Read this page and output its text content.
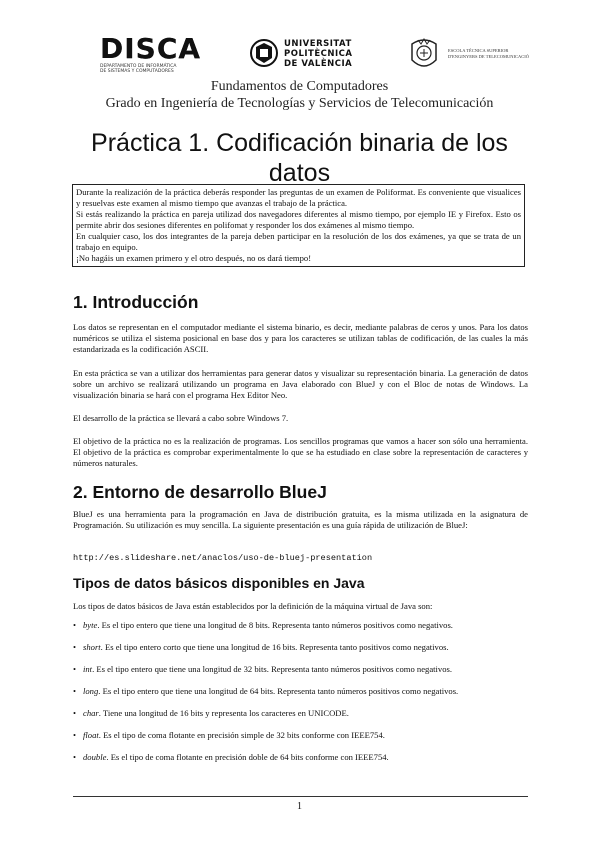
DISCA
DEPARTAMENTO DE INFORMÁTICA DE SISTEMAS Y COMPUTADORES
UNIVERSITAT
POLITÈCNICA
DE VALÈNCIA
ESCOLA TÈCNICA SUPERIOR
D'ENGINYERS DE TELECOMUNICACIÓ
Fundamentos de Computadores
Grado en Ingeniería de Tecnologías y Servicios de Telecomunicación
Práctica 1. Codificación binaria de los datos

Durante la realización de la práctica deberás responder las preguntas de un examen de Poliformat. Es conveniente que visualices y resuelvas este examen al mismo tiempo que avanzas el trabajo de la práctica.

Si estás realizando la práctica en pareja utilizad dos navegadores diferentes al mismo tiempo, por ejemplo IE y Firefox. Esto os permite abrir dos sesiones diferentes en polifomat y responder los dos exámenes al mismo tiempo.

En cualquier caso, los dos integrantes de la pareja deben participar en la resolución de los dos exámenes, ya que se trata de un trabajo en equipo.

¡No hagáis un examen primero y el otro después, no os dará tiempo!

1. Introducción

Los datos se representan en el computador mediante el sistema binario, es decir, mediante palabras de ceros y unos. Para los datos numéricos se utiliza el sistema posicional en base dos y para los caracteres se utilizan tablas de codificación, de las cuales la más estandarizada es la codificación ASCII.

En esta práctica se van a utilizar dos herramientas para generar datos y visualizar su representación binaria. La generación de datos sobre un archivo se realizará utilizando un programa en Java elaborado con BlueJ y con el Bloc de notas de Windows. La visualización binaria se hará con el programa Hex Editor Neo.

El desarrollo de la práctica se llevará a cabo sobre Windows 7.

El objetivo de la práctica no es la realización de programas. Los sencillos programas que vamos a hacer son sólo una herramienta. El objetivo de la práctica es comprobar experimentalmente lo que se ha estudiado en clase sobre la representación de caracteres y números naturales.

2. Entorno de desarrollo BlueJ

BlueJ es una herramienta para la programación en Java de distribución gratuita, es la misma utilizada en la asignatura de Programación. Su utilización es muy sencilla. La siguiente presentación es una guía rápida de utilización de BlueJ:

http://es.slideshare.net/anaclos/uso-de-bluej-presentation
Tipos de datos básicos disponibles en Java

Los tipos de datos básicos de Java están establecidos por la definición de la máquina virtual de Java son:

• byte. Es el tipo entero que tiene una longitud de 8 bits. Representa tanto números positivos como negativos.
• short. Es el tipo entero corto que tiene una longitud de 16 bits. Representa tanto positivos como negativos.
• int. Es el tipo entero que tiene una longitud de 32 bits. Representa tanto números positivos como negativos.
• long. Es el tipo entero que tiene una longitud de 64 bits. Representa tanto números positivos como negativos.
• char. Tiene una longitud de 16 bits y representa los caracteres en UNICODE.
• float. Es el tipo de coma flotante en precisión simple de 32 bits conforme con IEEE754.
• double. Es el tipo de coma flotante en precisión doble de 64 bits conforme con IEEE754.
1
